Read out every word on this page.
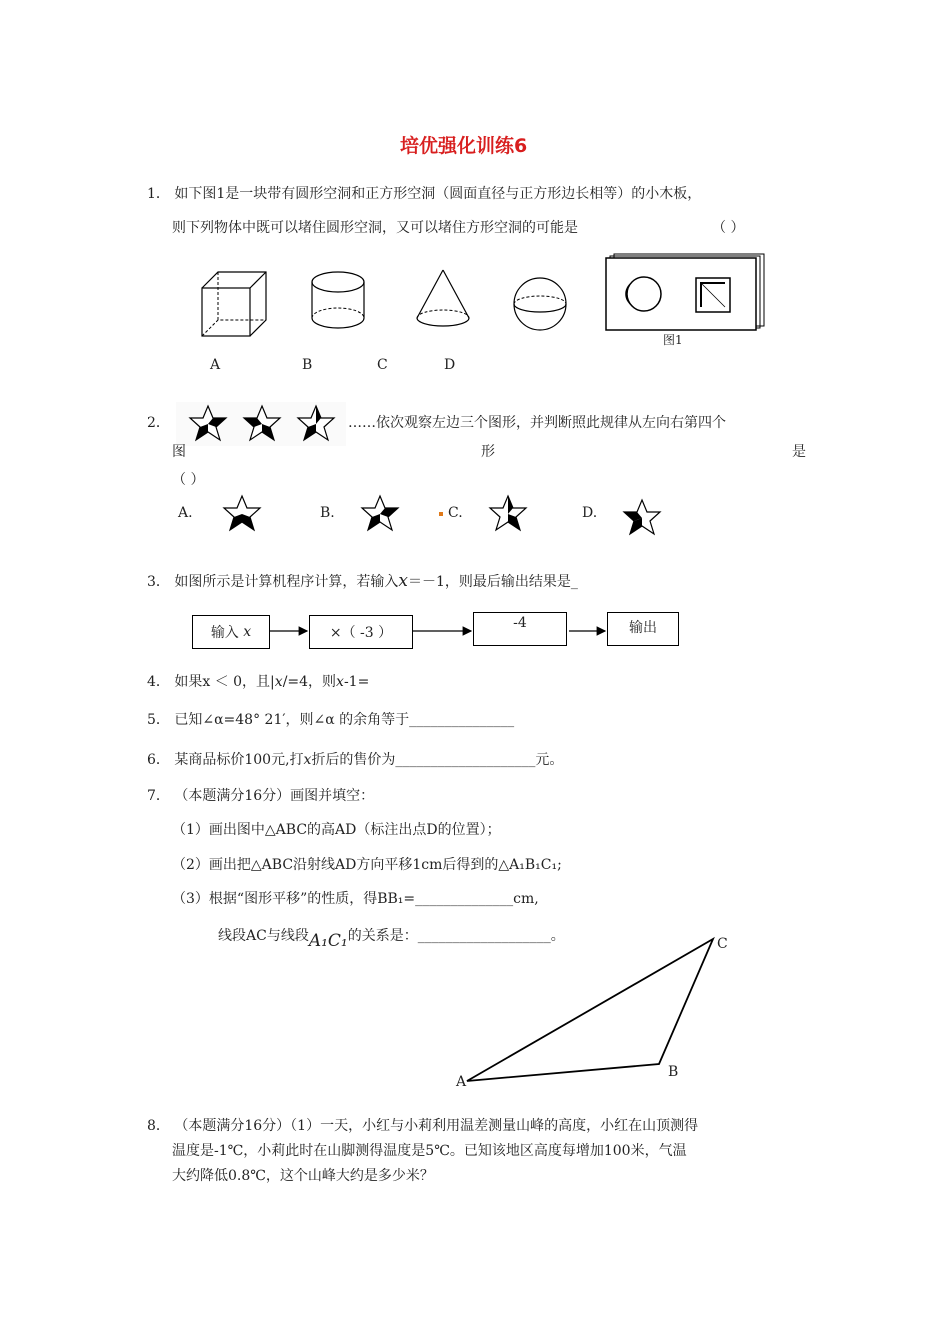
培优强化训练6
1． 如下图1是一块带有圆形空洞和正方形空洞（圆面直径与正方形边长相等）的小木板，
则下列物体中既可以堵住圆形空洞，又可以堵住方形空洞的可能是	（ ）
图1
A	B	C	D
2．	……依次观察左边三个图形，并判断照此规律从左向右第四个
图	形	是
（ ）
A.	B.	C.	D.
3． 如图所示是计算机程序计算，若输入x＝－1，则最后输出结果是_
输入
x	×（ -3 ）
-4	输出
4． 如果x ＜ 0，且|x/=4，则x-1=
5． 已知∠α=48° 21′，则∠α 的余角等于_______________
6． 某商品标价100元,打x折后的售价为____________________元。
7． （本题满分16分）画图并填空：
（1）画出图中△ABC的高AD（标注出点D的位置）；
（2）画出把△ABC沿射线AD方向平移1cm后得到的△A₁B₁C₁;
（3）根据“图形平移”的性质，得BB₁=______________cm,
线段AC与线段A₁C₁的关系是：___________________。
A
B
C
8． （本题满分16分）（1）一天，小红与小莉利用温差测量山峰的高度，小红在山顶测得
温度是-1℃，小莉此时在山脚测得温度是5℃。已知该地区高度每增加100米，气温
大约降低0.8℃，这个山峰大约是多少米？
